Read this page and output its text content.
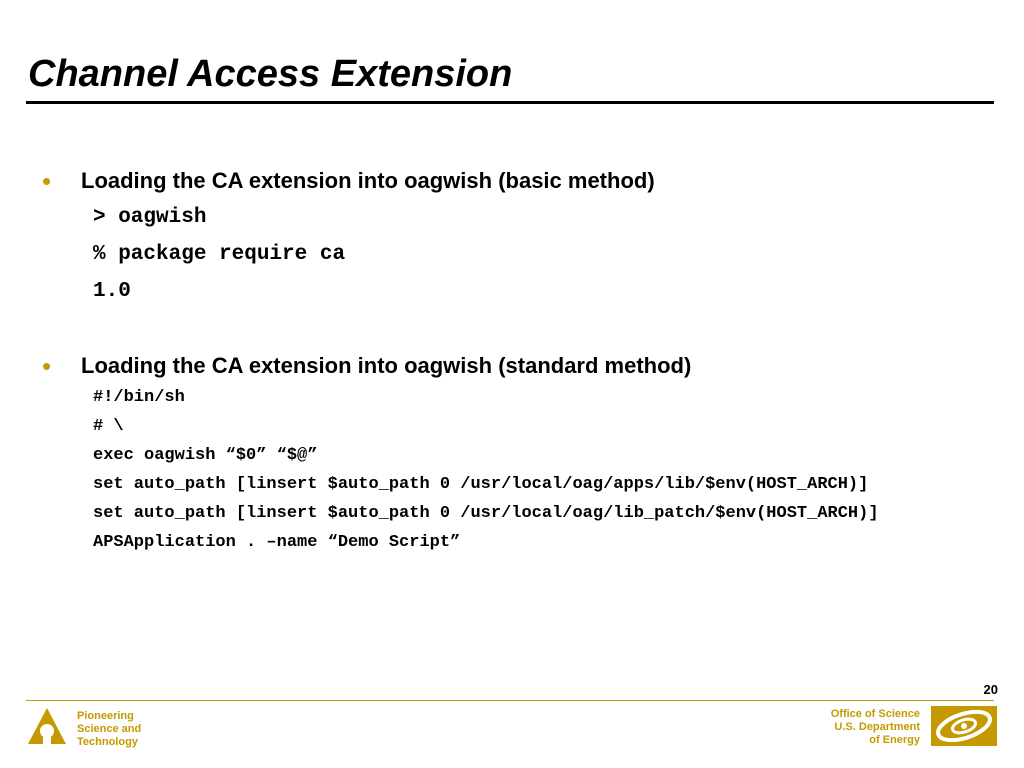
Channel Access Extension
• Loading the CA extension into oagwish (basic method)
> oagwish
% package require ca
1.0
• Loading the CA extension into oagwish (standard method)
#!/bin/sh
# \
exec oagwish “$0” “$@”
set auto_path [linsert $auto_path 0 /usr/local/oag/apps/lib/$env(HOST_ARCH)]
set auto_path [linsert $auto_path 0 /usr/local/oag/lib_patch/$env(HOST_ARCH)]
APSApplication . –name “Demo Script”
20
Pioneering
Science and
Technology
Office of Science
U.S. Department
of Energy
